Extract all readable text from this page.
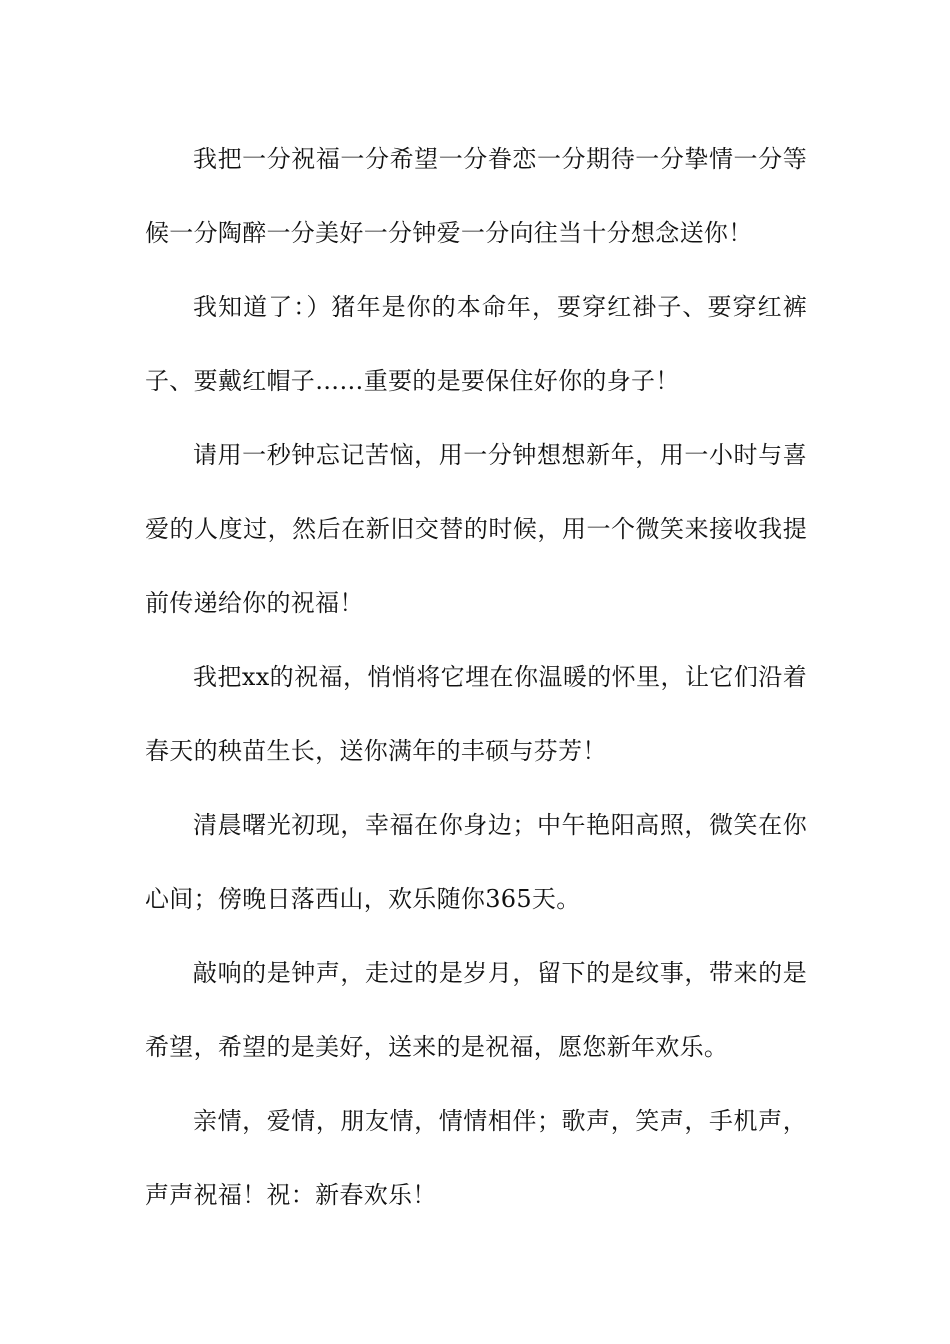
我把一分祝福一分希望一分眷恋一分期待一分挚情一分等候一分陶醉一分美好一分钟爱一分向往当十分想念送你！

我知道了：）猪年是你的本命年，要穿红褂子、要穿红裤子、要戴红帽子……重要的是要保住好你的身子！

请用一秒钟忘记苦恼，用一分钟想想新年，用一小时与喜爱的人度过，然后在新旧交替的时候，用一个微笑来接收我提前传递给你的祝福！

我把xx的祝福，悄悄将它埋在你温暖的怀里，让它们沿着春天的秧苗生长，送你满年的丰硕与芬芳！

清晨曙光初现，幸福在你身边；中午艳阳高照，微笑在你心间；傍晚日落西山，欢乐随你365天。

敲响的是钟声，走过的是岁月，留下的是纹事，带来的是希望，希望的是美好，送来的是祝福，愿您新年欢乐。

亲情，爱情，朋友情，情情相伴；歌声，笑声，手机声，声声祝福！祝：新春欢乐！
